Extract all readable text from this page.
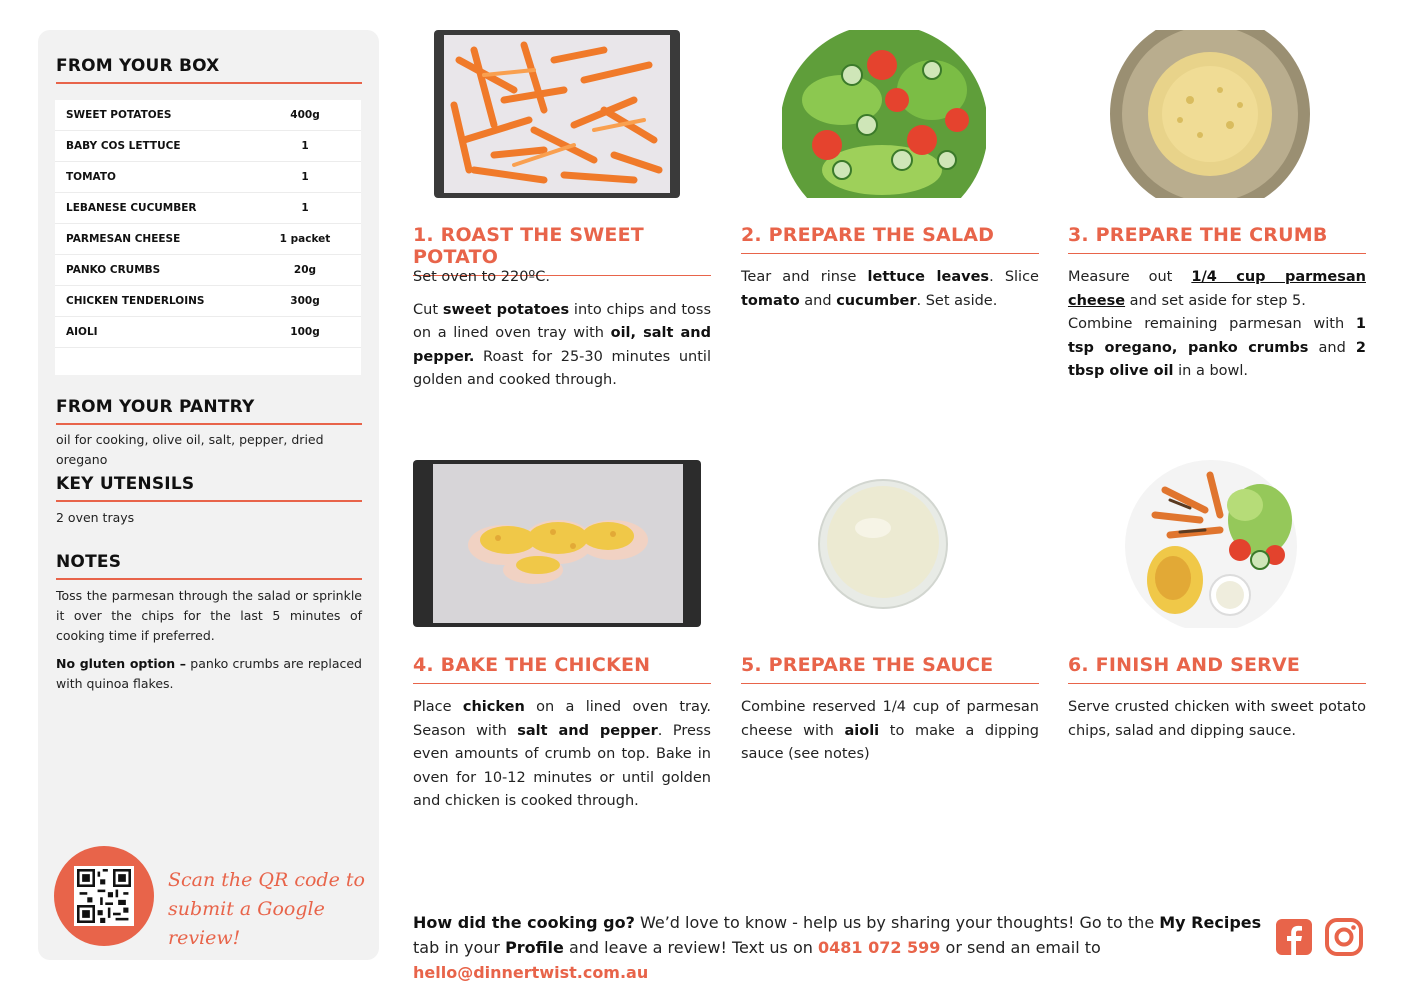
FROM YOUR BOX
SWEET POTATOES	400g
BABY COS LETTUCE	1
TOMATO	1
LEBANESE CUCUMBER	1
PARMESAN CHEESE	1 packet
PANKO CRUMBS	20g
CHICKEN TENDERLOINS	300g
AIOLI	100g
FROM YOUR PANTRY
oil for cooking, olive oil, salt, pepper, dried oregano
KEY UTENSILS
2 oven trays
NOTES

Toss the parmesan through the salad or sprinkle it over the chips for the last 5 minutes of cooking time if preferred.

No gluten option – panko crumbs are replaced with quinoa flakes.

Scan the QR code to
submit a Google review!
1. ROAST THE SWEET POTATO

Set oven to 220ºC.

Cut sweet potatoes into chips and toss on a lined oven tray with oil, salt and pepper. Roast for 25-30 minutes until golden and cooked through.

2. PREPARE THE SALAD

Tear and rinse lettuce leaves. Slice tomato and cucumber. Set aside.

3. PREPARE THE CRUMB

Measure out 1/4 cup parmesan cheese and set aside for step 5.

Combine remaining parmesan with 1 tsp oregano, panko crumbs and 2 tbsp olive oil in a bowl.

4. BAKE THE CHICKEN

Place chicken on a lined oven tray. Season with salt and pepper. Press even amounts of crumb on top. Bake in oven for 10-12 minutes or until golden and chicken is cooked through.

5. PREPARE THE SAUCE

Combine reserved 1/4 cup of parmesan cheese with aioli to make a dipping sauce (see notes)

6. FINISH AND SERVE

Serve crusted chicken with sweet potato chips, salad and dipping sauce.

How did the cooking go? We’d love to know - help us by sharing your thoughts! Go to the My Recipes tab in your Profile and leave a review! Text us on 0481 072 599 or send an email to hello@dinnertwist.com.au
